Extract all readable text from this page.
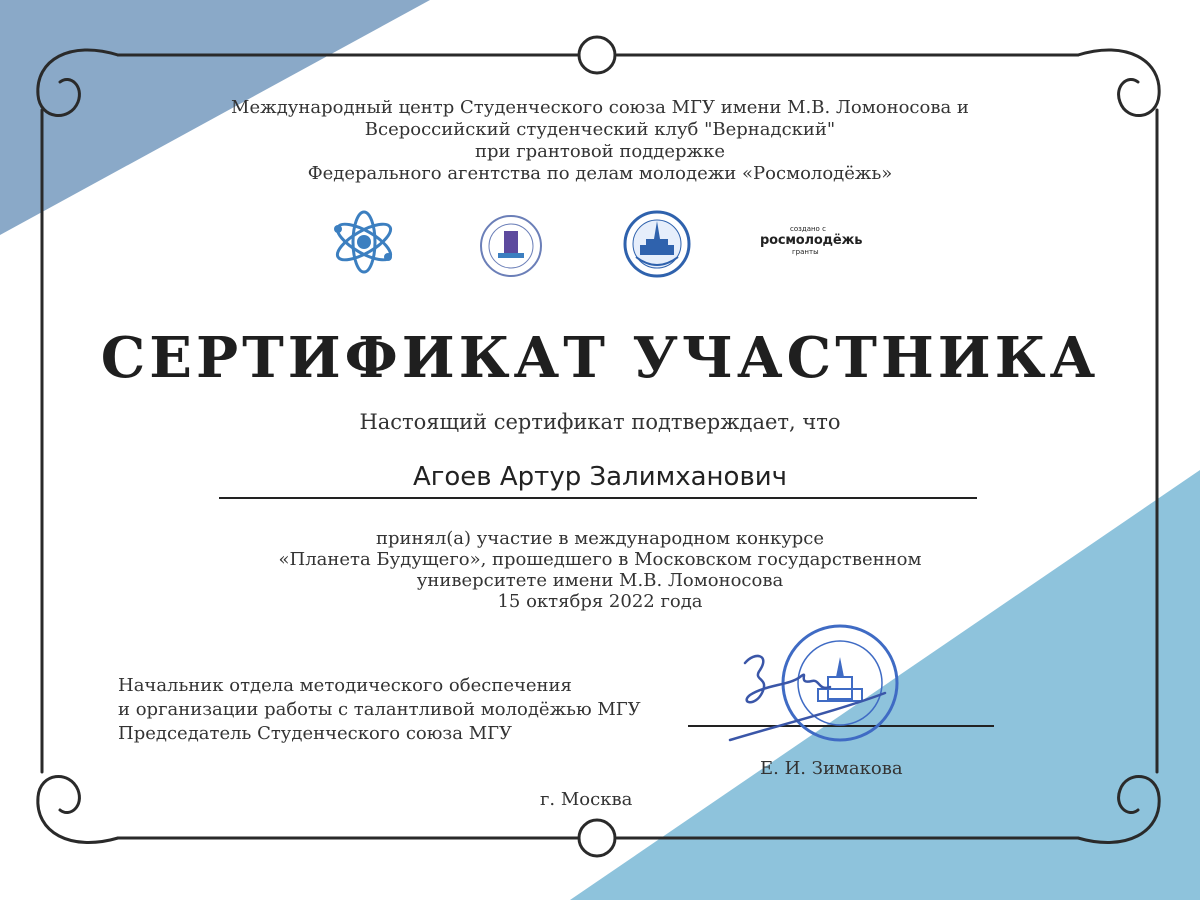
Международный центр Студенческого союза МГУ имени М.В. Ломоносова и
Всероссийский студенческий клуб "Вернадский"
при грантовой поддержке
Федерального агентства по делам молодежи «Росмолодёжь»
создано с
росмолодёжь
гранты
СЕРТИФИКАТ УЧАСТНИКА
Настоящий сертификат подтверждает, что
Агоев Артур Залимханович
принял(а) участие в международном конкурсе
«Планета Будущего», прошедшего в Московском государственном
университете имени М.В. Ломоносова
15 октября 2022 года
Начальник отдела методического обеспечения
и организации работы с талантливой молодёжью МГУ
Председатель Студенческого союза МГУ
Е. И. Зимакова
г. Москва
